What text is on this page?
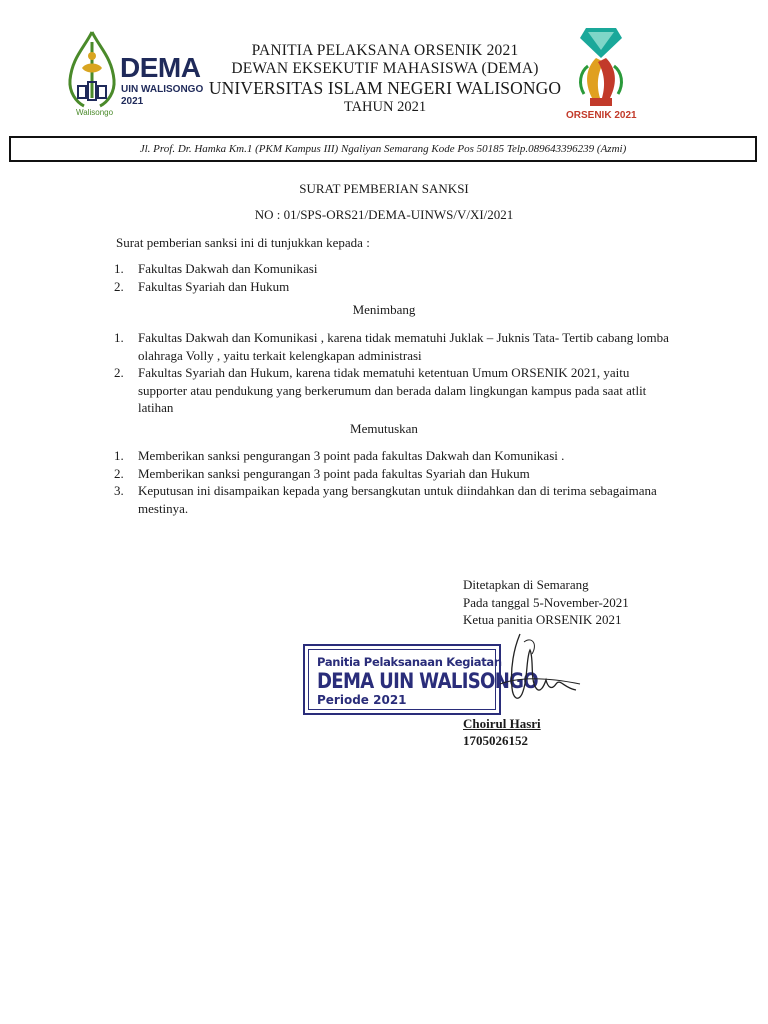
DEMA
UIN WALISONGO
2021
Walisongo	ORSENIK 2021
PANITIA PELAKSANA ORSENIK 2021
DEWAN EKSEKUTIF MAHASISWA (DEMA)
UNIVERSITAS ISLAM NEGERI WALISONGO
TAHUN 2021
Jl. Prof. Dr. Hamka Km.1 (PKM Kampus III) Ngaliyan Semarang Kode Pos 50185 Telp.089643396239 (Azmi)
SURAT PEMBERIAN SANKSI
NO : 01/SPS-ORS21/DEMA-UINWS/V/XI/2021
Surat pemberian sanksi ini di tunjukkan kepada :
1.	Fakultas Dakwah dan Komunikasi
2.	Fakultas Syariah dan Hukum
Menimbang
1.	Fakultas Dakwah dan Komunikasi , karena tidak mematuhi Juklak – Juknis Tata- Tertib cabang lomba olahraga Volly , yaitu terkait kelengkapan administrasi
2.	Fakultas Syariah dan Hukum, karena tidak mematuhi ketentuan Umum ORSENIK 2021, yaitu supporter atau pendukung yang berkerumum dan berada dalam lingkungan kampus pada saat atlit latihan
Memutuskan
1.	Memberikan sanksi pengurangan 3 point pada fakultas Dakwah dan Komunikasi .
2.	Memberikan sanksi pengurangan 3 point pada fakultas Syariah dan Hukum
3.	Keputusan ini disampaikan kepada yang bersangkutan untuk diindahkan dan di terima sebagaimana mestinya.
Ditetapkan di Semarang
Pada tanggal 5-November-2021
Ketua panitia ORSENIK 2021
Panitia Pelaksanaan Kegiatan
DEMA UIN WALISONGO
Periode 2021
Choirul Hasri
1705026152
